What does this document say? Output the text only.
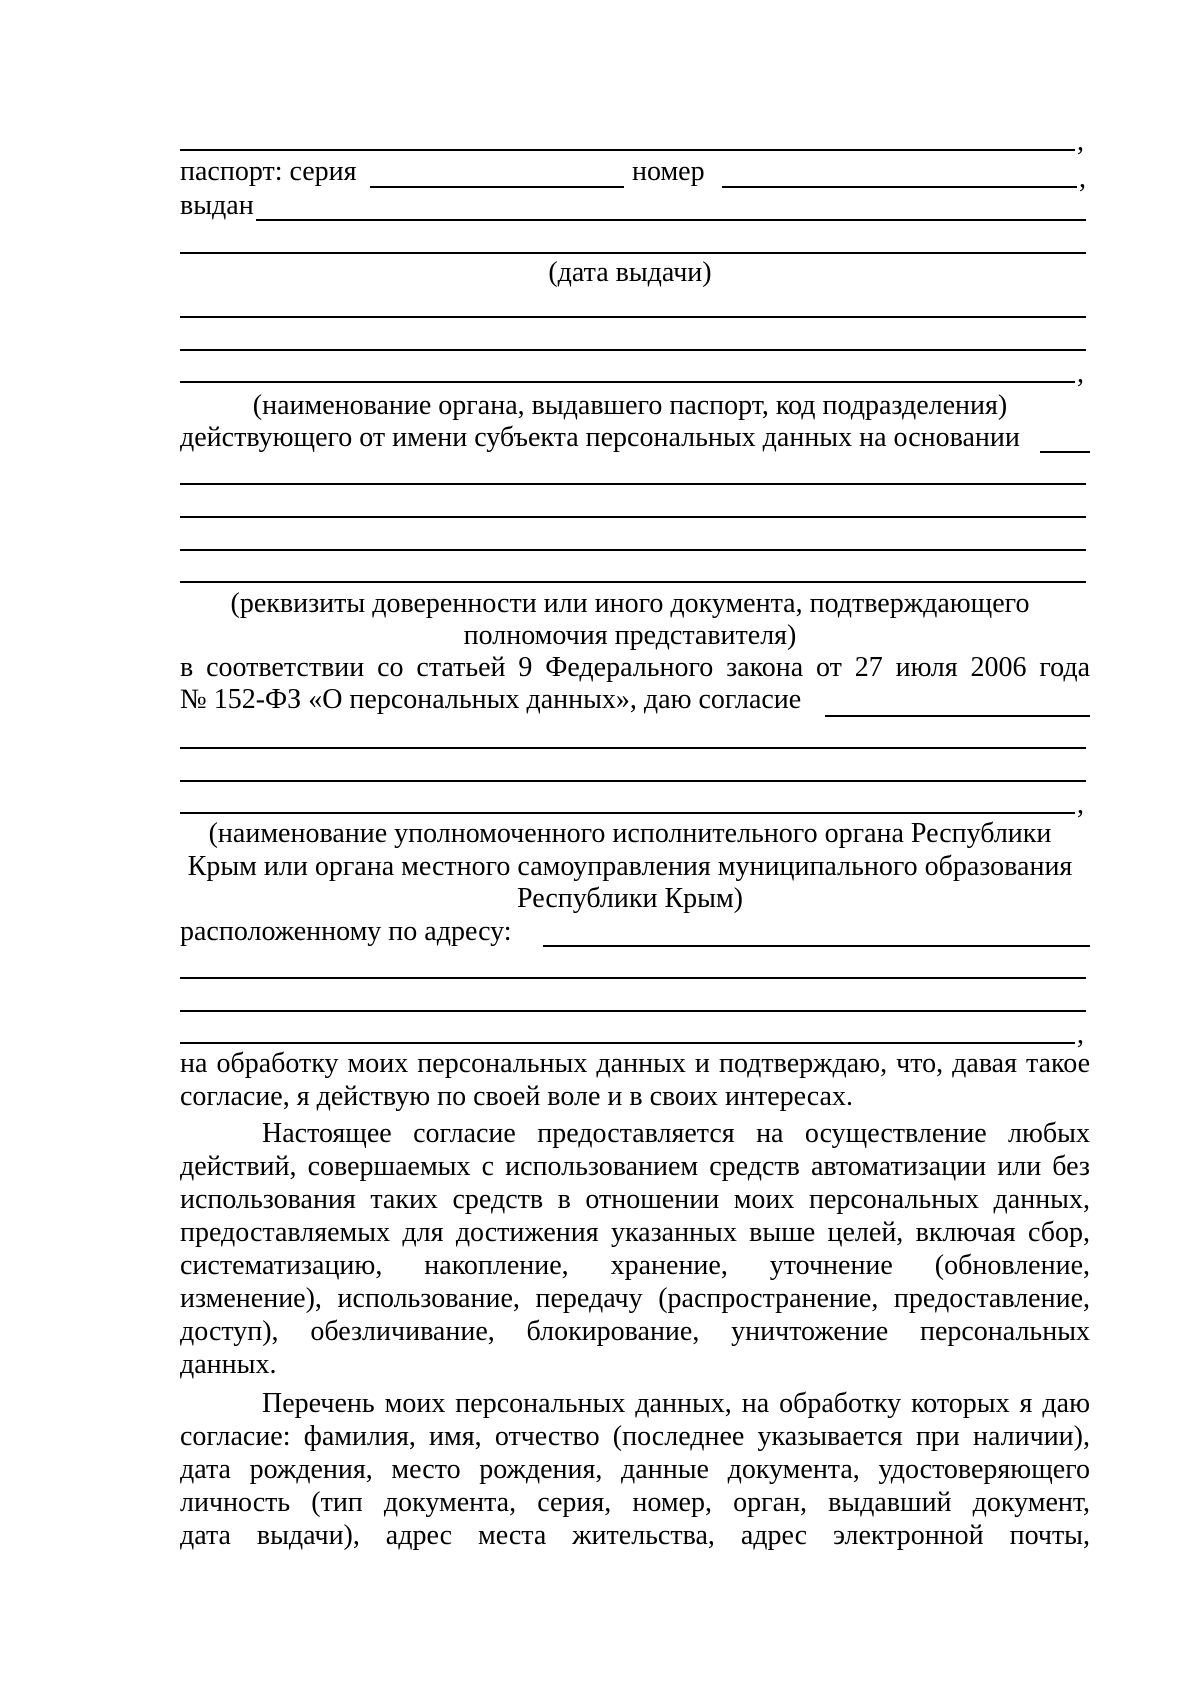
,
паспорт: серия	номер	,
выдан
(дата выдачи)
,
(наименование органа, выдавшего паспорт, код подразделения)
действующего от имени субъекта персональных данных на основании
(реквизиты доверенности или иного документа, подтверждающего
полномочия представителя)
в соответствии со статьей 9 Федерального закона от 27 июля 2006 года
№ 152-ФЗ «О персональных данных», даю согласие
,
(наименование уполномоченного исполнительного органа Республики
Крым или органа местного самоуправления муниципального образования
Республики Крым)
расположенному по адресу:
,
на обработку моих персональных данных и подтверждаю, что, давая такое
согласие, я действую по своей воле и в своих интересах.
Настоящее согласие предоставляется на осуществление любых
действий, совершаемых с использованием средств автоматизации или без
использования таких средств в отношении моих персональных данных,
предоставляемых для достижения указанных выше целей, включая сбор,
систематизацию, накопление, хранение, уточнение (обновление,
изменение), использование, передачу (распространение, предоставление,
доступ), обезличивание, блокирование, уничтожение персональных
данных.
Перечень моих персональных данных, на обработку которых я даю
согласие: фамилия, имя, отчество (последнее указывается при наличии),
дата рождения, место рождения, данные документа, удостоверяющего
личность (тип документа, серия, номер, орган, выдавший документ,
дата выдачи), адрес места жительства, адрес электронной почты,
